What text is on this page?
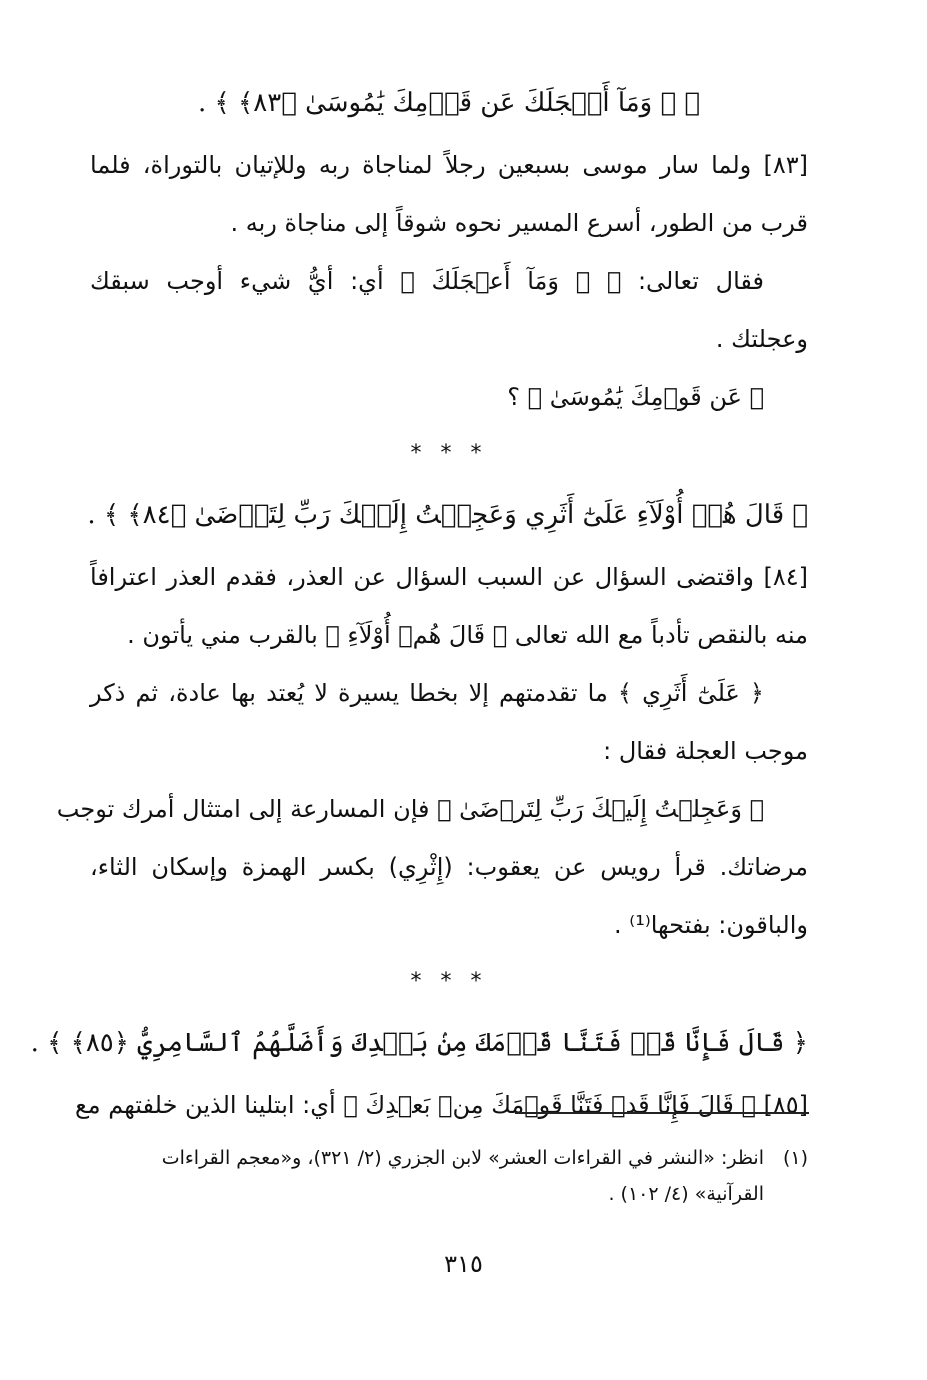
﴿ ۞ وَمَآ أَعۡجَلَكَ عَن قَوۡمِكَ يَٰمُوسَىٰ ﴿٨٣﴾ ﴾ .
[٨٣] ولما سار موسى بسبعين رجلاً لمناجاة ربه وللإتيان بالتوراة، فلما
قرب من الطور، أسرع المسير نحوه شوقاً إلى مناجاة ربه .
فقال تعالى: ﴿ ۞ وَمَآ أَعۡجَلَكَ ﴾ أي: أيُّ شيء أوجب سبقك
وعجلتك .
﴿ عَن قَوۡمِكَ يَٰمُوسَىٰ ﴾ ؟
* * *
﴿ قَالَ هُمۡ أُوْلَآءِ عَلَىٰٓ أَثَرِي وَعَجِلۡتُ إِلَيۡكَ رَبِّ لِتَرۡضَىٰ ﴿٨٤﴾ ﴾ .
[٨٤] واقتضى السؤال عن السبب السؤال عن العذر، فقدم العذر اعترافاً
منه بالنقص تأدباً مع الله تعالى ﴿ قَالَ هُمۡ أُوْلَآءِ ﴾ بالقرب مني يأتون .
﴿ عَلَىٰٓ أَثَرِي ﴾ ما تقدمتهم إلا بخطا يسيرة لا يُعتد بها عادة، ثم ذكر
موجب العجلة فقال :
﴿ وَعَجِلۡتُ إِلَيۡكَ رَبِّ لِتَرۡضَىٰ ﴾ فإن المسارعة إلى امتثال أمرك توجب
مرضاتك. قرأ رويس عن يعقوب: (إِثْرِي) بكسر الهمزة وإسكان الثاء،
والباقون: بفتحها⁽¹⁾ .
* * *
﴿ قَالَ فَإِنَّا قَدۡ فَتَنَّا قَوۡمَكَ مِنۢ بَعۡدِكَ وَأَضَلَّهُمُ ٱلسَّامِرِيُّ ﴿٨٥﴾ ﴾ .
[٨٥] ﴿ قَالَ فَإِنَّا قَدۡ فَتَنَّا قَوۡمَكَ مِنۢ بَعۡدِكَ ﴾ أي: ابتلينا الذين خلفتهم مع
(١)انظر: «النشر في القراءات العشر» لابن الجزري (٢/ ٣٢١)، و«معجم القراءات
القرآنية» (٤/ ١٠٢) .
٣١٥
